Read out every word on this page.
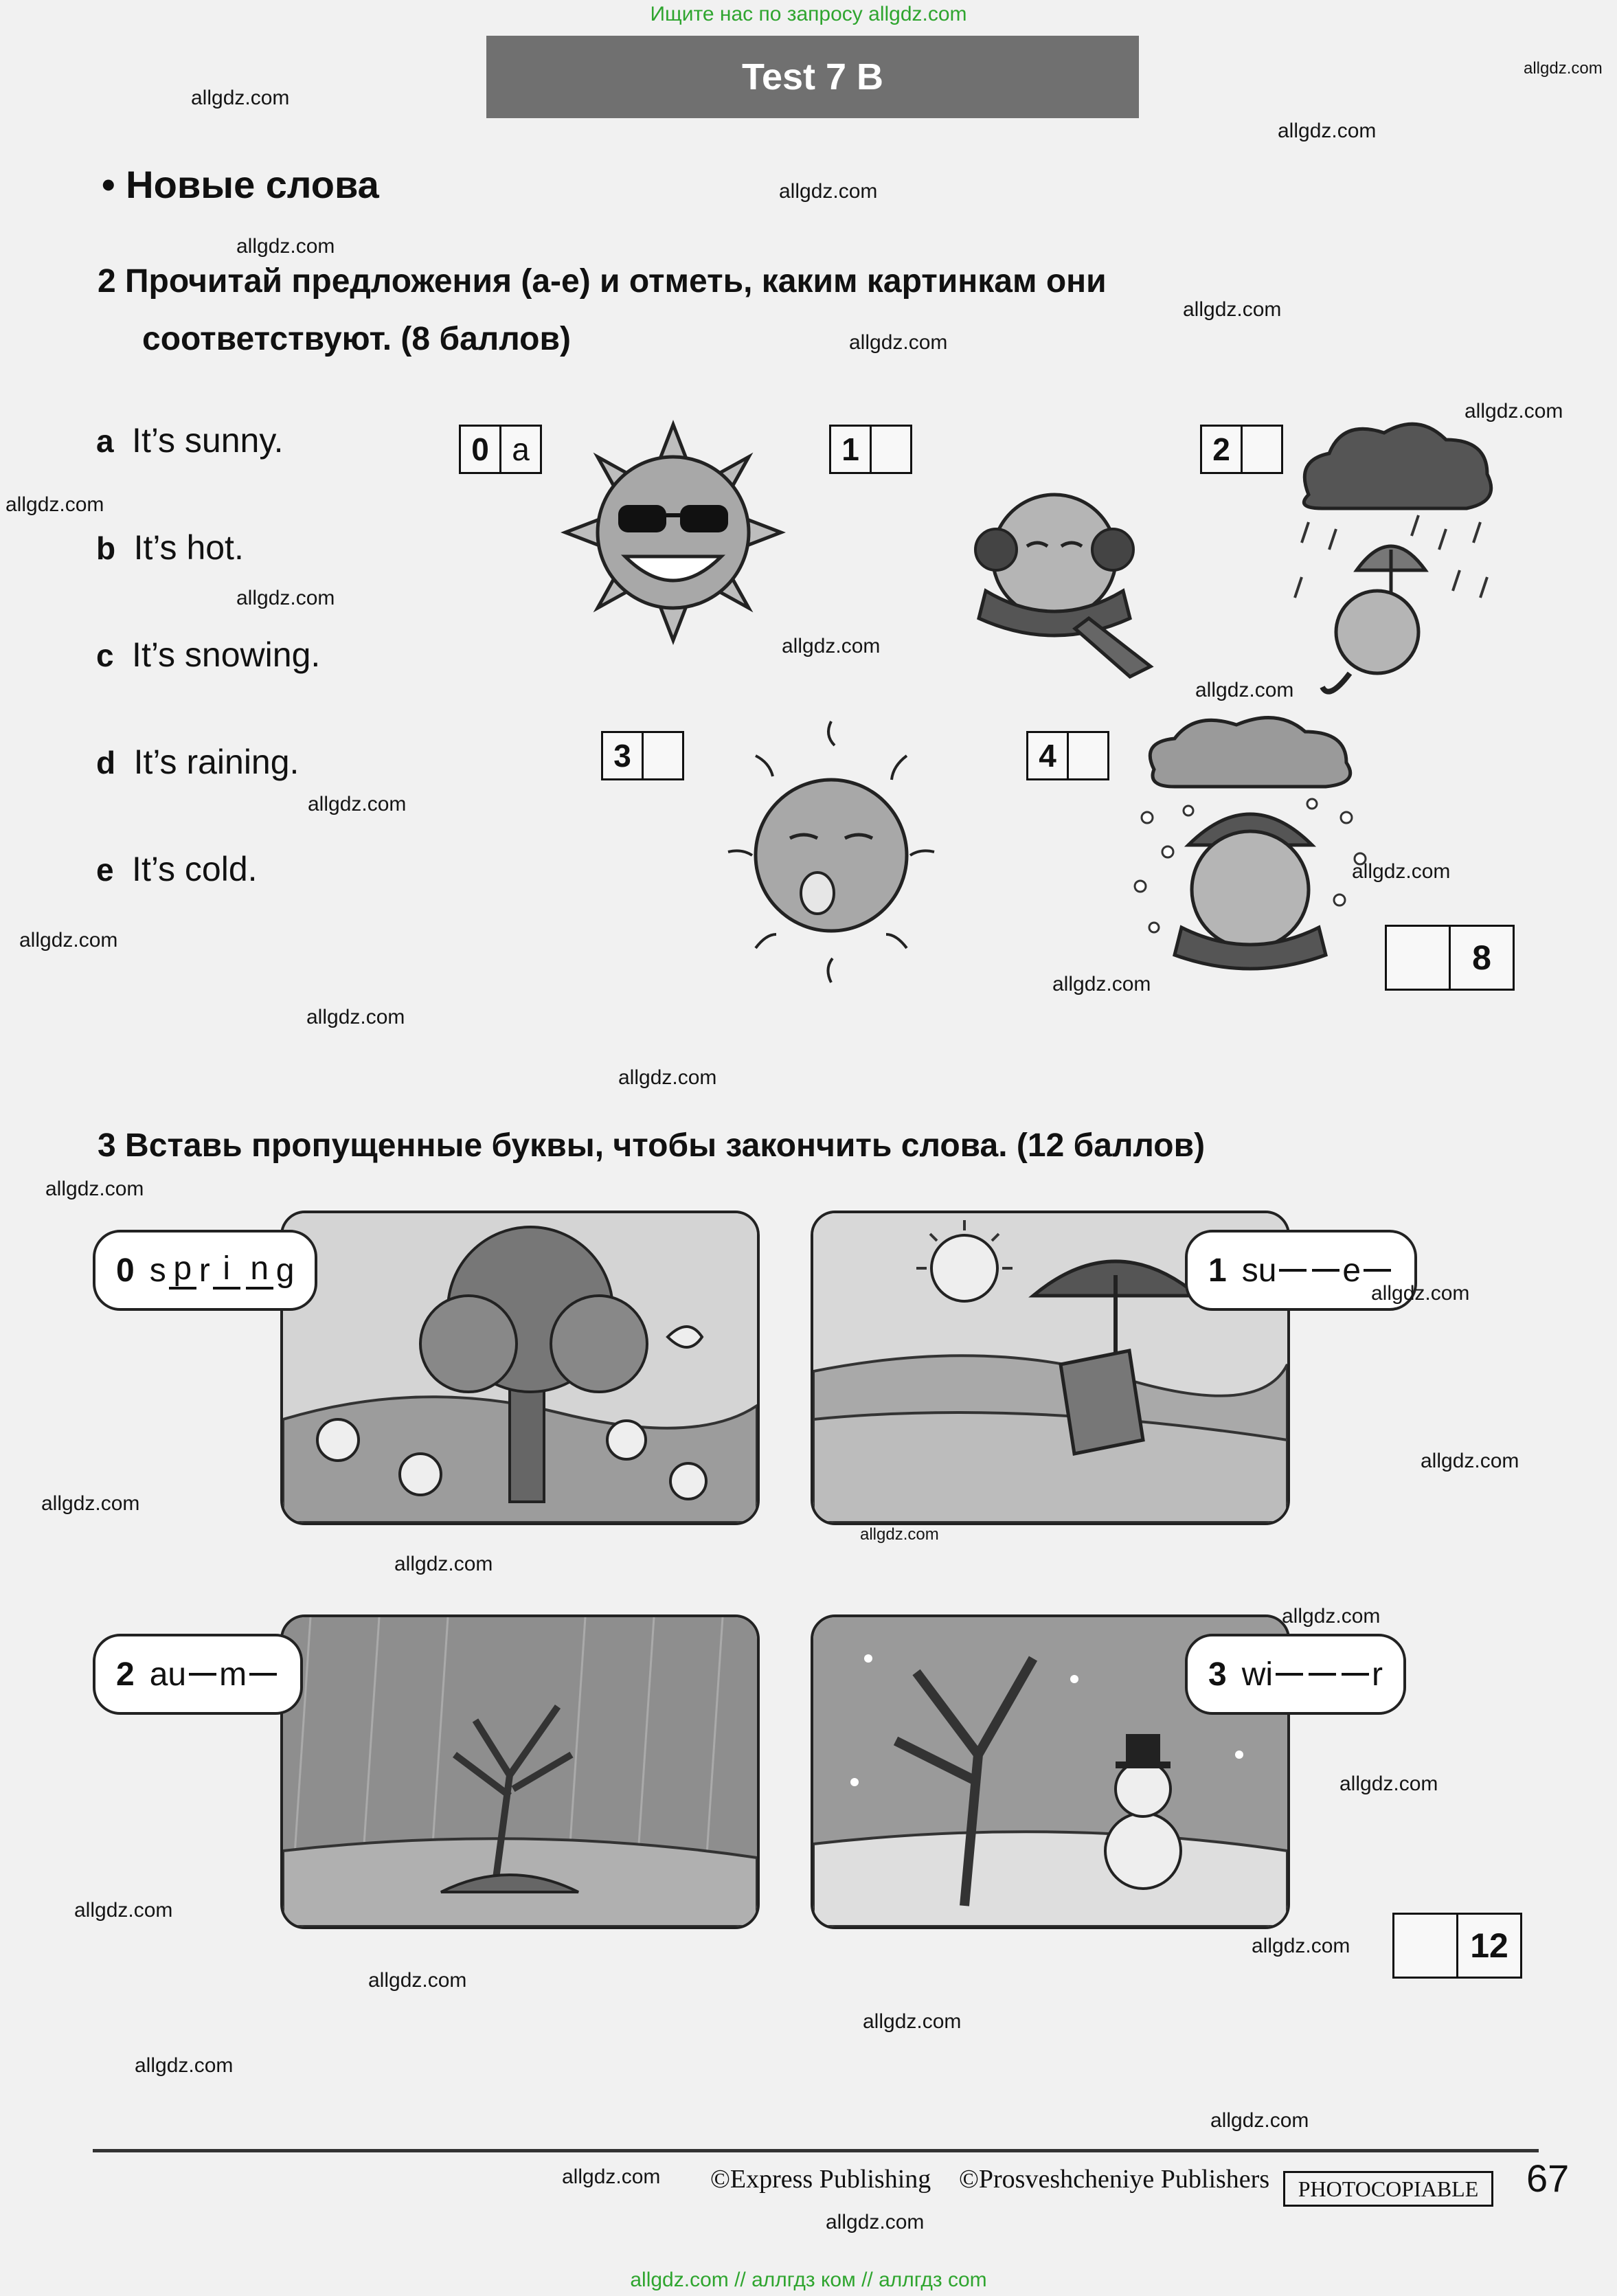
Ищите нас по запросу allgdz.com
Test 7 B
• Новые слова
2 Прочитай предложения (a-e) и отметь, каким картинкам они
соответствуют. (8 баллов)
a It’s sunny.
b It’s hot.
c It’s snowing.
d It’s raining.
e It’s cold.
0 a	1	2
3	4
8
3 Вставь пропущенные буквы, чтобы закончить слова. (12 баллов)
0 s p r i n g	1 su e
2 au m	3 wi	r
12
allgdz.com
allgdz.com
allgdz.com
allgdz.com
allgdz.com
allgdz.com
allgdz.com
allgdz.com
allgdz.com
allgdz.com
allgdz.com
allgdz.com
allgdz.com
allgdz.com
allgdz.com
allgdz.com
allgdz.com
allgdz.com
allgdz.com
allgdz.com
allgdz.com
allgdz.com
allgdz.com
allgdz.com
allgdz.com
allgdz.com
allgdz.com
allgdz.com
allgdz.com
allgdz.com
allgdz.com
allgdz.com
allgdz.com
allgdz.com
©Express Publishing ©Prosveshcheniye Publishers	PHOTOCOPIABLE	67
allgdz.com // аллгдз ком // аллгдз com
